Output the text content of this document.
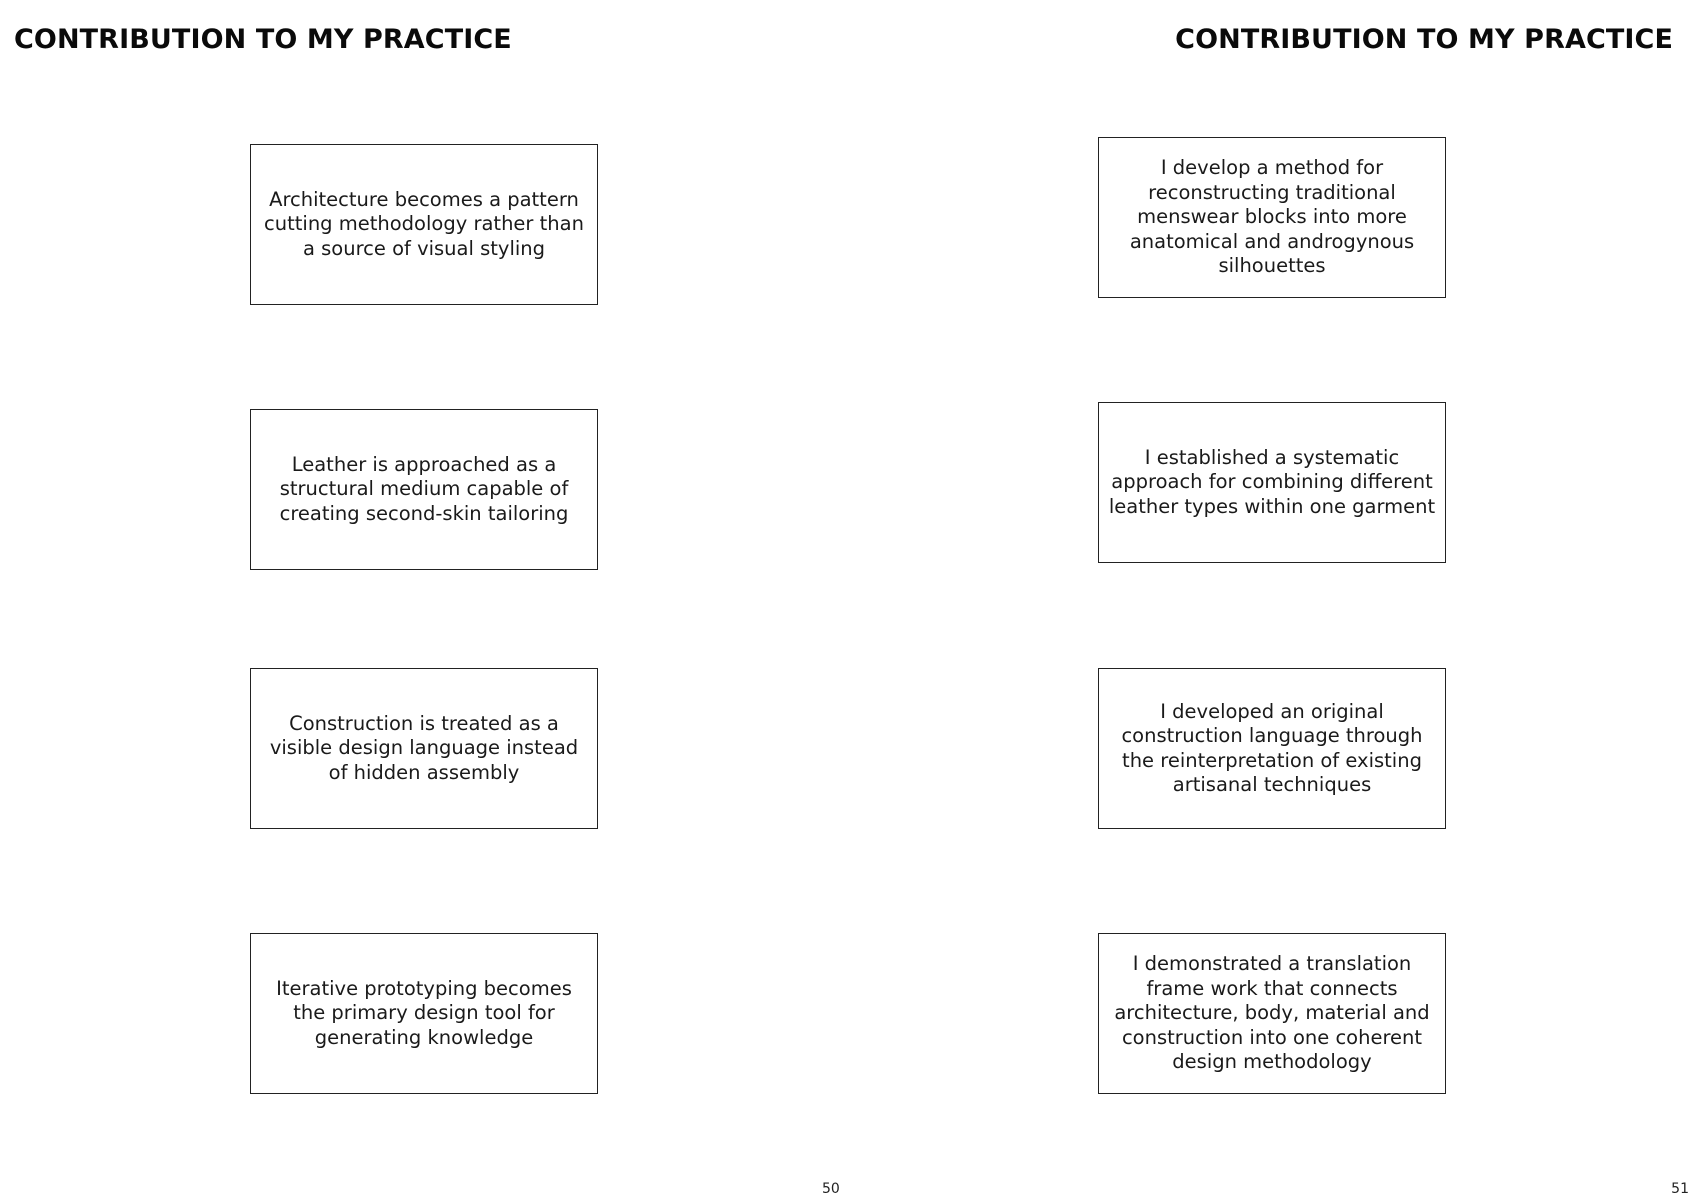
CONTRIBUTION TO MY PRACTICE
Architecture becomes a pattern cutting methodology rather than a source of visual styling
Leather is approached as a structural medium capable of creating second-skin tailoring
Construction is treated as a visible design language instead of hidden assembly
Iterative prototyping becomes the primary design tool for generating knowledge
50
CONTRIBUTION TO MY PRACTICE
I develop a method for reconstructing traditional menswear blocks into more anatomical and androgynous silhouettes
I established a systematic approach for combining different leather types within one garment
I developed an original construction language through the reinterpretation of existing artisanal techniques
I demonstrated a translation frame work that connects architecture, body, material and construction into one coherent design methodology
51
